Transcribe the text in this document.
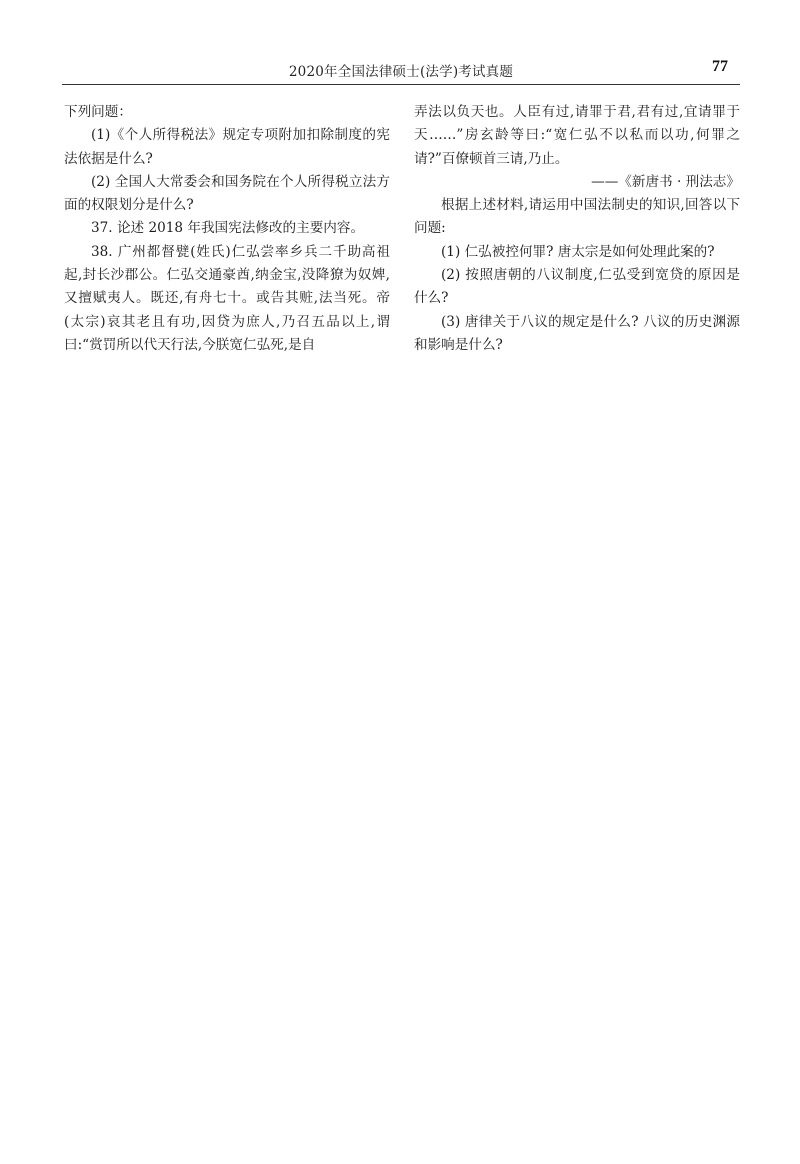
2020年全国法律硕士(法学)考试真题	77

下列问题：

(1)《个人所得税法》规定专项附加扣除制度的宪法依据是什么?

(2) 全国人大常委会和国务院在个人所得税立法方面的权限划分是什么?

37. 论述 2018 年我国宪法修改的主要内容。

38. 广州都督甓(姓氏)仁弘尝率乡兵二千助高祖起,封长沙郡公。仁弘交通豪酋,纳金宝,没降獠为奴婢,又擅赋夷人。既还,有舟七十。或告其赃,法当死。帝(太宗)哀其老且有功,因贷为庶人,乃召五品以上,谓曰:“赏罚所以代天行法,今朕宽仁弘死,是自

弄法以负天也。人臣有过,请罪于君,君有过,宜请罪于天……”房玄龄等曰:“宽仁弘不以私而以功,何罪之请?”百僚顿首三请,乃止。

——《新唐书 · 刑法志》

根据上述材料,请运用中国法制史的知识,回答以下问题:

(1) 仁弘被控何罪? 唐太宗是如何处理此案的?

(2) 按照唐朝的八议制度,仁弘受到宽贷的原因是什么?

(3) 唐律关于八议的规定是什么? 八议的历史渊源和影响是什么?
